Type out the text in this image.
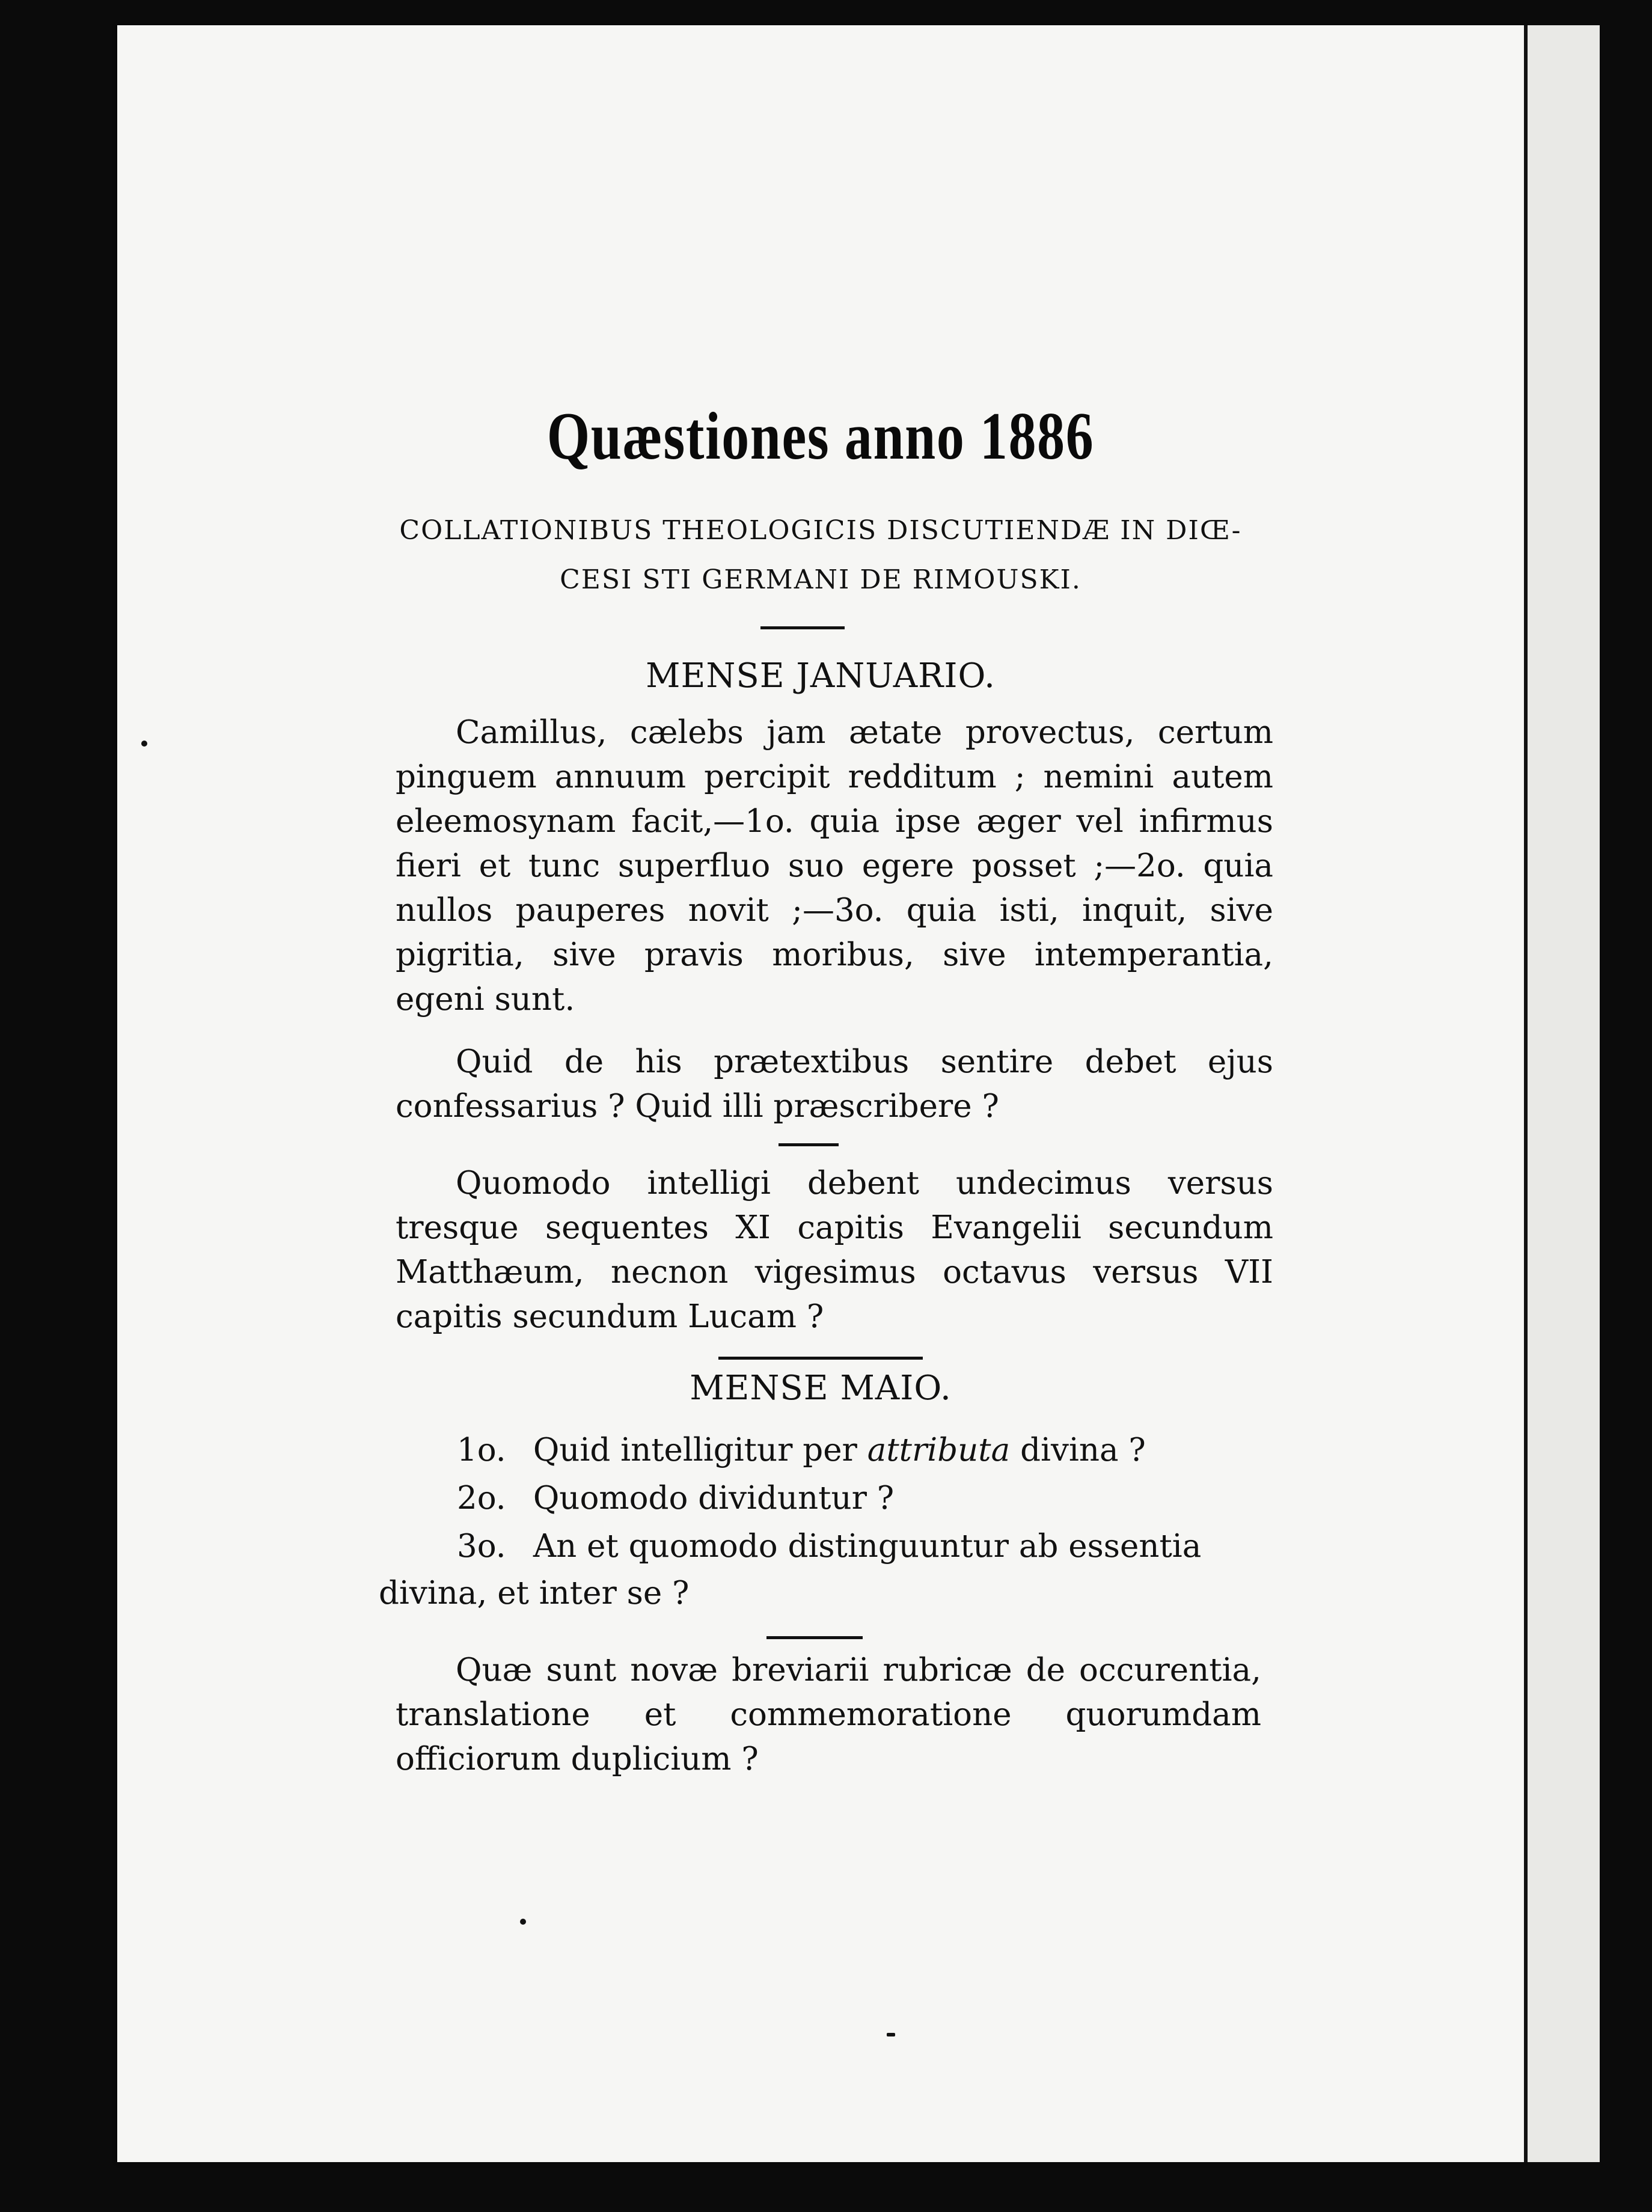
Quæstiones anno 1886
COLLATIONIBUS THEOLOGICIS DISCUTIENDÆ IN DIŒ-
CESI STI GERMANI DE RIMOUSKI.
MENSE JANUARIO.
Camillus, cælebs jam ætate provectus, certum pinguem annuum percipit redditum ; nemini autem eleemosynam facit,—1o. quia ipse æger vel infirmus fieri et tunc superfluo suo egere posset ;—2o. quia nullos pauperes novit ;—3o. quia isti, inquit, sive pigritia, sive pravis moribus, sive intemperantia, egeni sunt.
Quid de his prætextibus sentire debet ejus confessarius ? Quid illi præscribere ?
Quomodo intelligi debent undecimus versus tresque sequentes XI capitis Evangelii secundum Matthæum, necnon vigesimus octavus versus VII capitis secundum Lucam ?
MENSE MAIO.
1o. Quid intelligitur per attributa divina ?
2o. Quomodo dividuntur ?
3o. An et quomodo distinguuntur ab essentia
divina, et inter se ?
Quæ sunt novæ breviarii rubricæ de occurentia, translatione et commemoratione quorumdam officiorum duplicium ?
